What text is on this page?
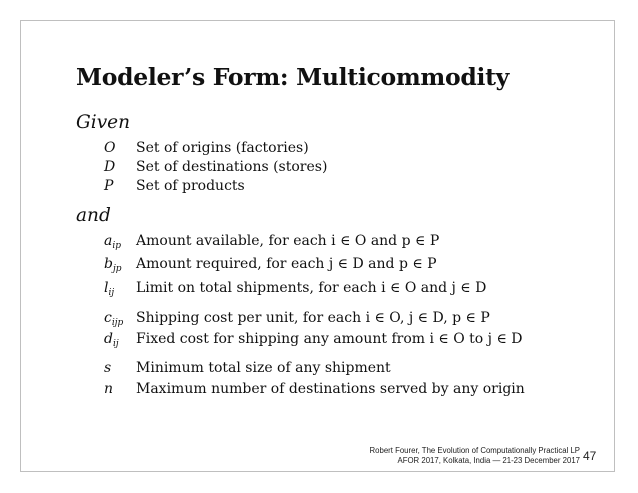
Modeler’s Form: Multicommodity
Given
O Set of origins (factories)
D Set of destinations (stores)
P Set of products
and
$a_{ip}$ Amount available, for each i ∈ O and p ∈ P
$b_{jp}$ Amount required, for each j ∈ D and p ∈ P
$l_{ij}$ Limit on total shipments, for each i ∈ O and j ∈ D
$c_{ijp}$ Shipping cost per unit, for each i ∈ O, j ∈ D, p ∈ P
$d_{ij}$ Fixed cost for shipping any amount from i ∈ O to j ∈ D
s Minimum total size of any shipment
n Maximum number of destinations served by any origin
Robert Fourer, The Evolution of Computationally Practical LP
AFOR 2017, Kolkata, India — 21-23 December 2017 47
